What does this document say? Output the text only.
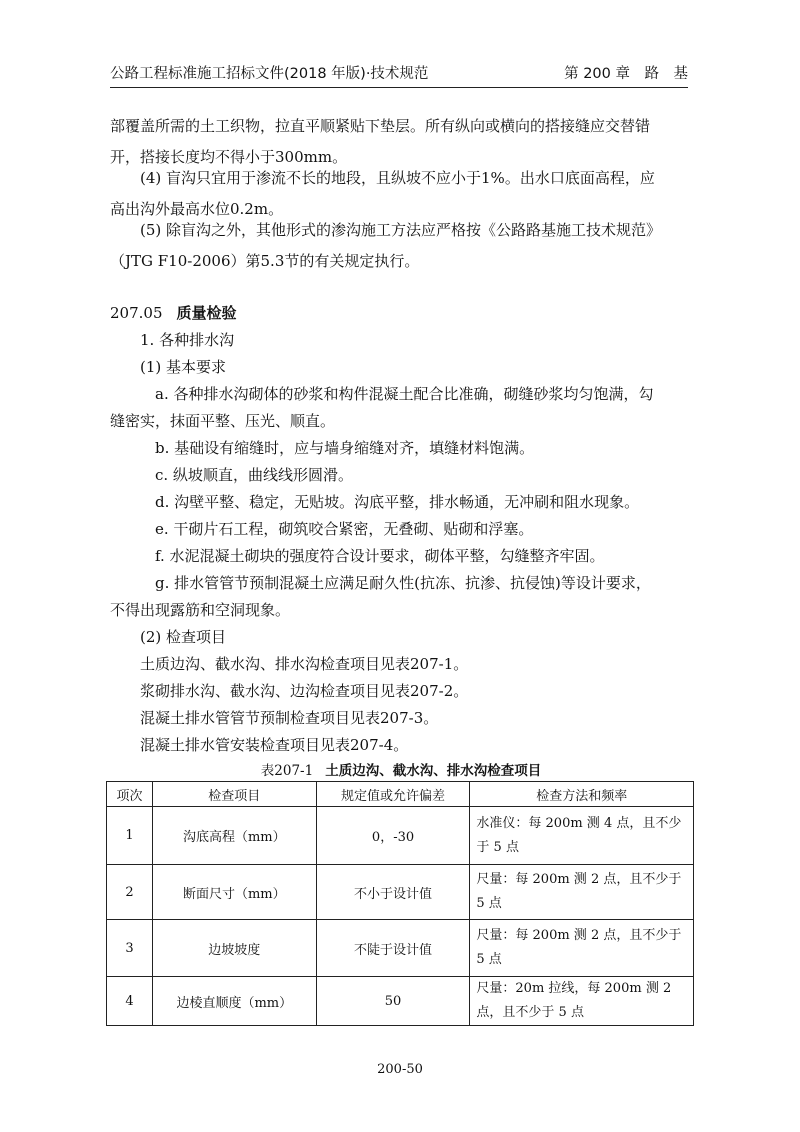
公路工程标准施工招标文件(2018 年版)·技术规范	第 200 章　路　基
部覆盖所需的土工织物，拉直平顺紧贴下垫层。所有纵向或横向的搭接缝应交替错
开，搭接长度均不得小于300mm。
　　(4) 盲沟只宜用于渗流不长的地段，且纵坡不应小于1%。出水口底面高程，应
高出沟外最高水位0.2m。
　　(5) 除盲沟之外，其他形式的渗沟施工方法应严格按《公路路基施工技术规范》
（JTG F10-2006）第5.3节的有关规定执行。
207.05 质量检验
　　1. 各种排水沟
　　(1) 基本要求
　　　a. 各种排水沟砌体的砂浆和构件混凝土配合比准确，砌缝砂浆均匀饱满，勾
缝密实，抹面平整、压光、顺直。
　　　b. 基础设有缩缝时，应与墙身缩缝对齐，填缝材料饱满。
　　　c. 纵坡顺直，曲线线形圆滑。
　　　d. 沟壁平整、稳定，无贴坡。沟底平整，排水畅通，无冲刷和阻水现象。
　　　e. 干砌片石工程，砌筑咬合紧密，无叠砌、贴砌和浮塞。
　　　f. 水泥混凝土砌块的强度符合设计要求，砌体平整，勾缝整齐牢固。
　　　g. 排水管管节预制混凝土应满足耐久性(抗冻、抗渗、抗侵蚀)等设计要求，
不得出现露筋和空洞现象。
　　(2) 检查项目
　　土质边沟、截水沟、排水沟检查项目见表207-1。
　　浆砌排水沟、截水沟、边沟检查项目见表207-2。
　　混凝土排水管管节预制检查项目见表207-3。
　　混凝土排水管安装检查项目见表207-4。
表207-1 土质边沟、截水沟、排水沟检查项目
项次	检查项目	规定值或允许偏差	检查方法和频率
1	沟底高程（mm）	0，-30	水准仪：每 200m 测 4 点，且不少于 5 点
2	断面尺寸（mm）	不小于设计值	尺量：每 200m 测 2 点，且不少于 5 点
3	边坡坡度	不陡于设计值	尺量：每 200m 测 2 点，且不少于 5 点
4	边棱直顺度（mm）	50	尺量：20m 拉线，每 200m 测 2 点，且不少于 5 点
200-50
